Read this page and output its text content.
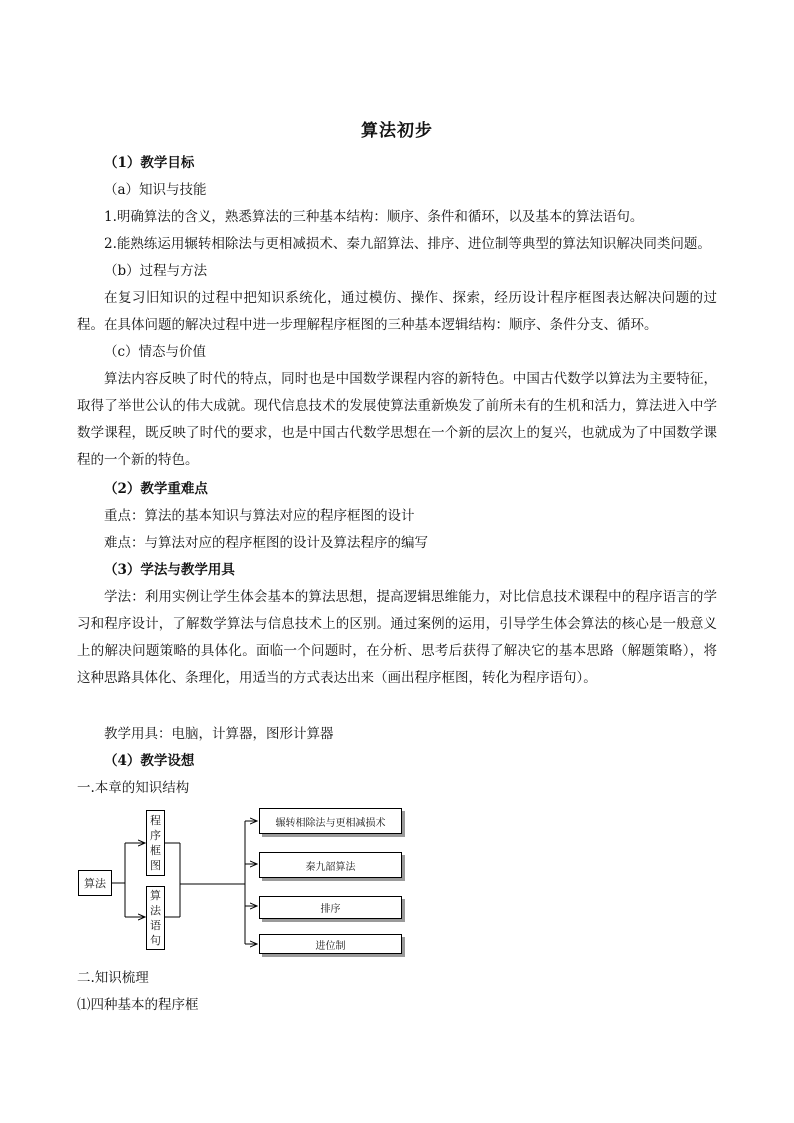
算法初步
（1）教学目标
（a）知识与技能
1.明确算法的含义，熟悉算法的三种基本结构：顺序、条件和循环，以及基本的算法语句。
2.能熟练运用辗转相除法与更相减损术、秦九韶算法、排序、进位制等典型的算法知识解决同类问题。
（b）过程与方法
在复习旧知识的过程中把知识系统化，通过模仿、操作、探索，经历设计程序框图表达解决问题的过程。在具体问题的解决过程中进一步理解程序框图的三种基本逻辑结构：顺序、条件分支、循环。
（c）情态与价值
算法内容反映了时代的特点，同时也是中国数学课程内容的新特色。中国古代数学以算法为主要特征，取得了举世公认的伟大成就。现代信息技术的发展使算法重新焕发了前所未有的生机和活力，算法进入中学数学课程，既反映了时代的要求，也是中国古代数学思想在一个新的层次上的复兴，也就成为了中国数学课程的一个新的特色。
（2）教学重难点
重点：算法的基本知识与算法对应的程序框图的设计
难点：与算法对应的程序框图的设计及算法程序的编写
（3）学法与教学用具
学法：利用实例让学生体会基本的算法思想，提高逻辑思维能力，对比信息技术课程中的程序语言的学习和程序设计，了解数学算法与信息技术上的区别。通过案例的运用，引导学生体会算法的核心是一般意义上的解决问题策略的具体化。面临一个问题时，在分析、思考后获得了解决它的基本思路（解题策略），将这种思路具体化、条理化，用适当的方式表达出来（画出程序框图，转化为程序语句）。
教学用具：电脑，计算器，图形计算器
（4）教学设想
一.本章的知识结构
算法
程
序
框
图
算
法
语
句
辗转相除法与更相减损术
秦九韶算法
排序
进位制
二.知识梳理
⑴四种基本的程序框
